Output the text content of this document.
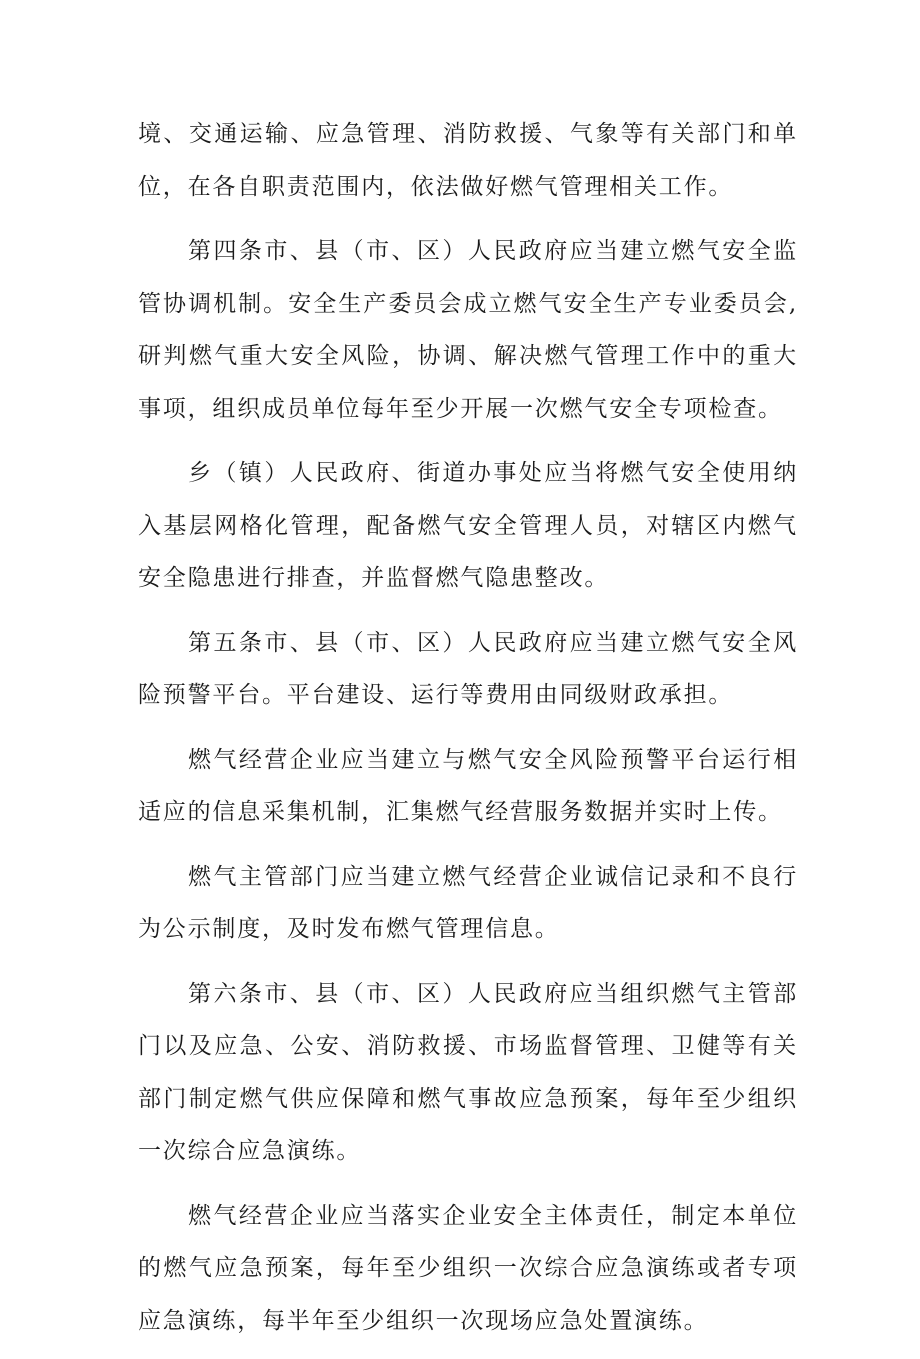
境、交通运输、应急管理、消防救援、气象等有关部门和单位，在各自职责范围内，依法做好燃气管理相关工作。

第四条市、县（市、区）人民政府应当建立燃气安全监管协调机制。安全生产委员会成立燃气安全生产专业委员会,研判燃气重大安全风险，协调、解决燃气管理工作中的重大事项，组织成员单位每年至少开展一次燃气安全专项检查。

乡（镇）人民政府、街道办事处应当将燃气安全使用纳入基层网格化管理，配备燃气安全管理人员，对辖区内燃气安全隐患进行排查，并监督燃气隐患整改。

第五条市、县（市、区）人民政府应当建立燃气安全风险预警平台。平台建设、运行等费用由同级财政承担。

燃气经营企业应当建立与燃气安全风险预警平台运行相适应的信息采集机制，汇集燃气经营服务数据并实时上传。

燃气主管部门应当建立燃气经营企业诚信记录和不良行为公示制度，及时发布燃气管理信息。

第六条市、县（市、区）人民政府应当组织燃气主管部门以及应急、公安、消防救援、市场监督管理、卫健等有关部门制定燃气供应保障和燃气事故应急预案，每年至少组织一次综合应急演练。

燃气经营企业应当落实企业安全主体责任，制定本单位的燃气应急预案，每年至少组织一次综合应急演练或者专项应急演练，每半年至少组织一次现场应急处置演练。
